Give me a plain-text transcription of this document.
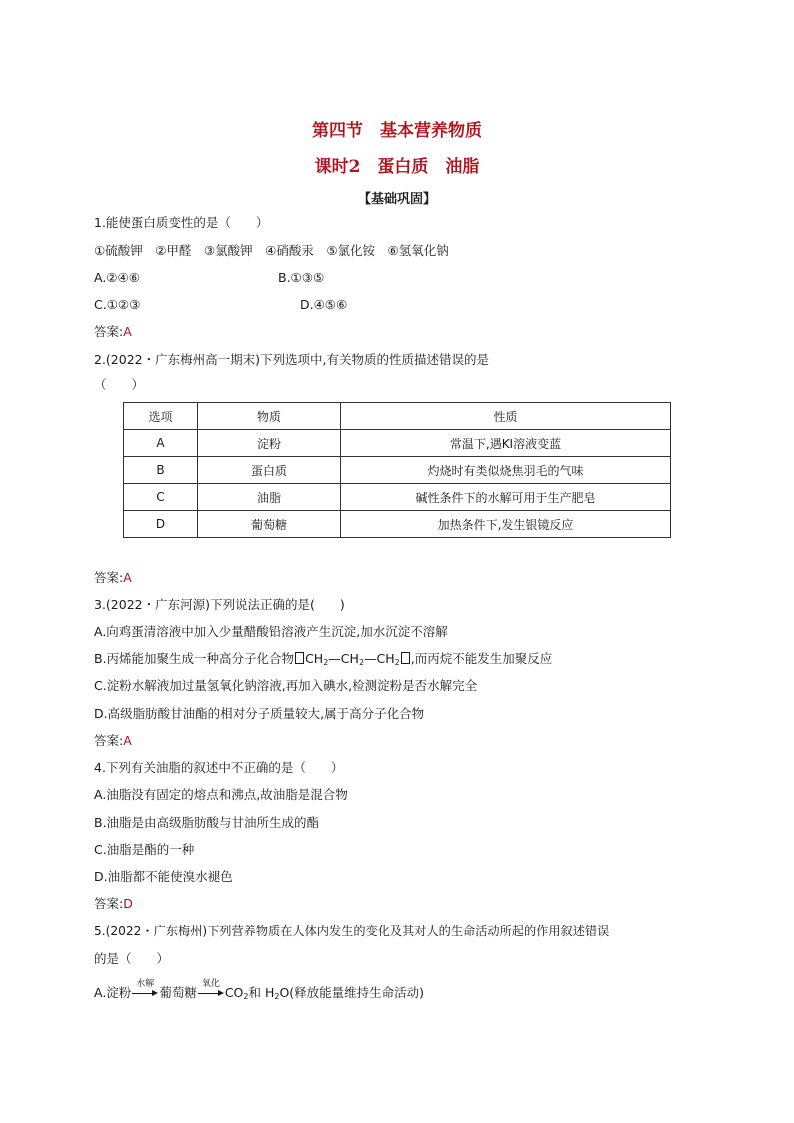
第四节　基本营养物质
课时2　蛋白质　油脂
【基础巩固】
1.能使蛋白质变性的是（　　）
①硫酸钾　②甲醛　③氯酸钾　④硝酸汞　⑤氯化铵　⑥氢氧化钠
A.②④⑥	B.①③⑤
C.①②③	D.④⑤⑥
答案:A
2.(2022・广东梅州高一期末)下列选项中,有关物质的性质描述错误的是
（　　）
选项	物质	性质
A	淀粉	常温下,遇KI溶液变蓝
B	蛋白质	灼烧时有类似烧焦羽毛的气味
C	油脂	碱性条件下的水解可用于生产肥皂
D	葡萄糖	加热条件下,发生银镜反应
答案:A
3.(2022・广东河源)下列说法正确的是(　　)
A.向鸡蛋清溶液中加入少量醋酸铅溶液产生沉淀,加水沉淀不溶解
B.丙烯能加聚生成一种高分子化合物 $CH_2—CH_2—CH_2$ ,而丙烷不能发生加聚反应
C.淀粉水解液加过量氢氧化钠溶液,再加入碘水,检测淀粉是否水解完全
D.高级脂肪酸甘油酯的相对分子质量较大,属于高分子化合物
答案:A
4.下列有关油脂的叙述中不正确的是（　　）
A.油脂没有固定的熔点和沸点,故油脂是混合物
B.油脂是由高级脂肪酸与甘油所生成的酯
C.油脂是酯的一种
D.油脂都不能使溴水褪色
答案:D
5.(2022・广东梅州)下列营养物质在人体内发生的变化及其对人的生命活动所起的作用叙述错误
的是（　　）
A.淀粉
水解
葡萄糖
氧化
$CO_2$和 $H_2O$(释放能量维持生命活动)
